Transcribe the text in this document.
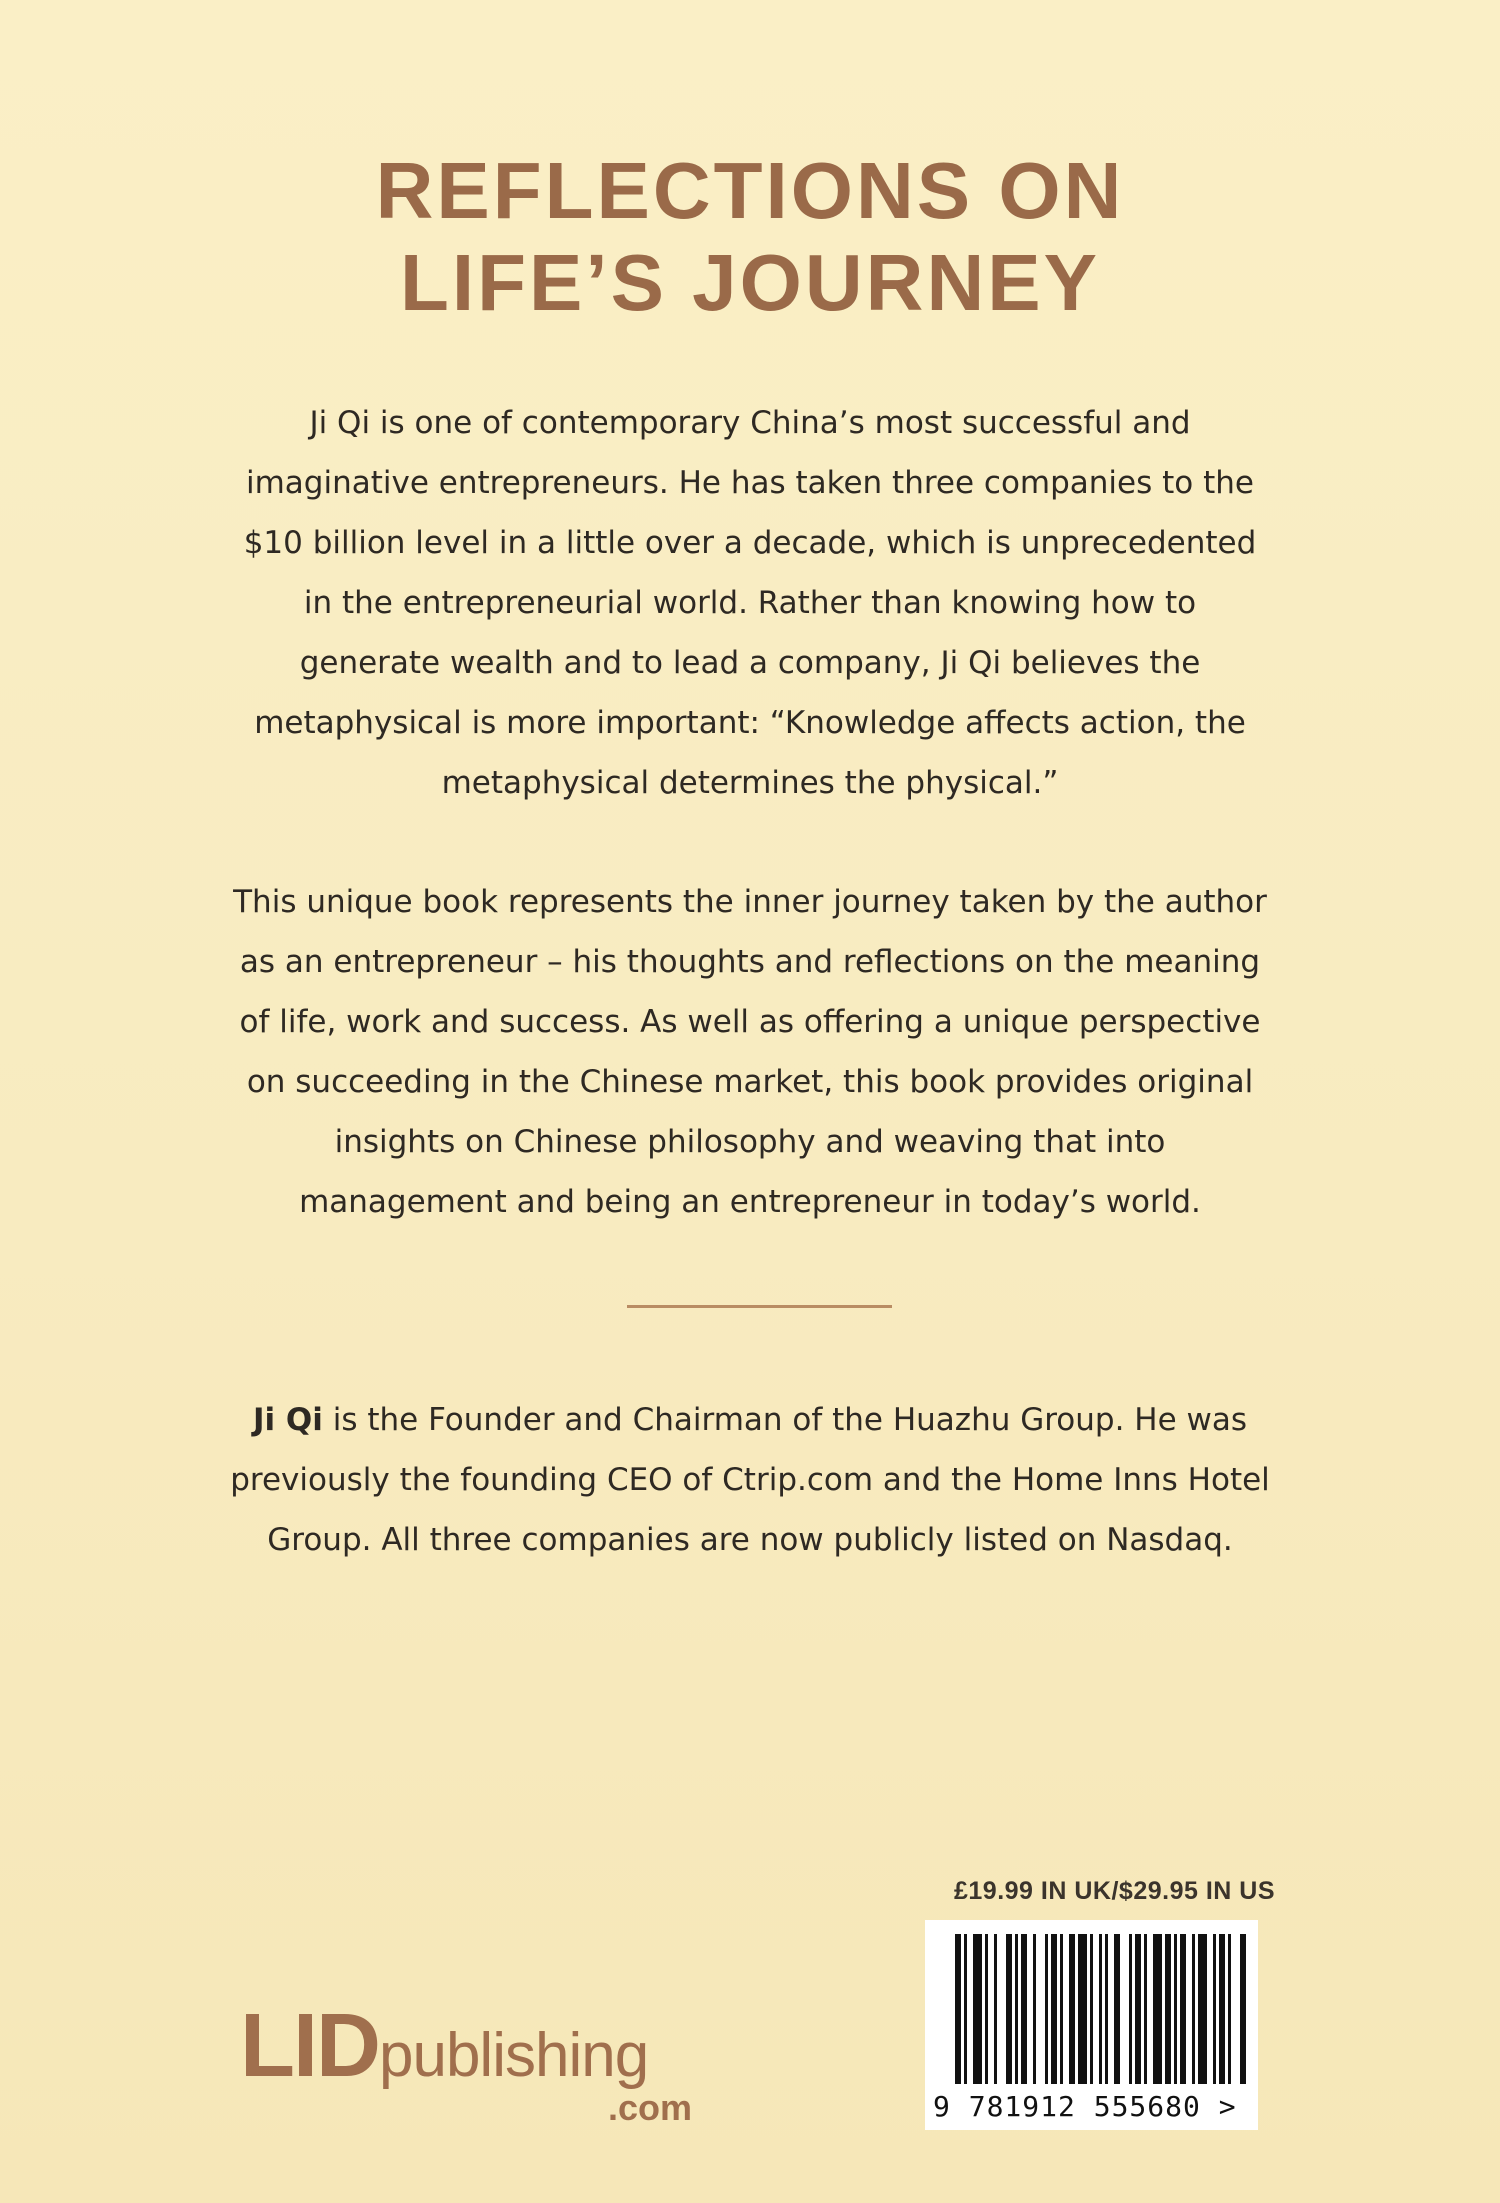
REFLECTIONS ON
LIFE’S JOURNEY

Ji Qi is one of contemporary China’s most successful and imaginative entrepreneurs. He has taken three companies to the $10 billion level in a little over a decade, which is unprecedented in the entrepreneurial world. Rather than knowing how to generate wealth and to lead a company, Ji Qi believes the metaphysical is more important: “Knowledge affects action, the metaphysical determines the physical.”

This unique book represents the inner journey taken by the author as an entrepreneur – his thoughts and reflections on the meaning of life, work and success. As well as offering a unique perspective on succeeding in the Chinese market, this book provides original insights on Chinese philosophy and weaving that into management and being an entrepreneur in today’s world.

Ji Qi is the Founder and Chairman of the Huazhu Group. He was previously the founding CEO of Ctrip.com and the Home Inns Hotel Group. All three companies are now publicly listed on Nasdaq.

£19.99 IN UK/$29.95 IN US
9 781912 555680 >
LIDpublishing
.com
